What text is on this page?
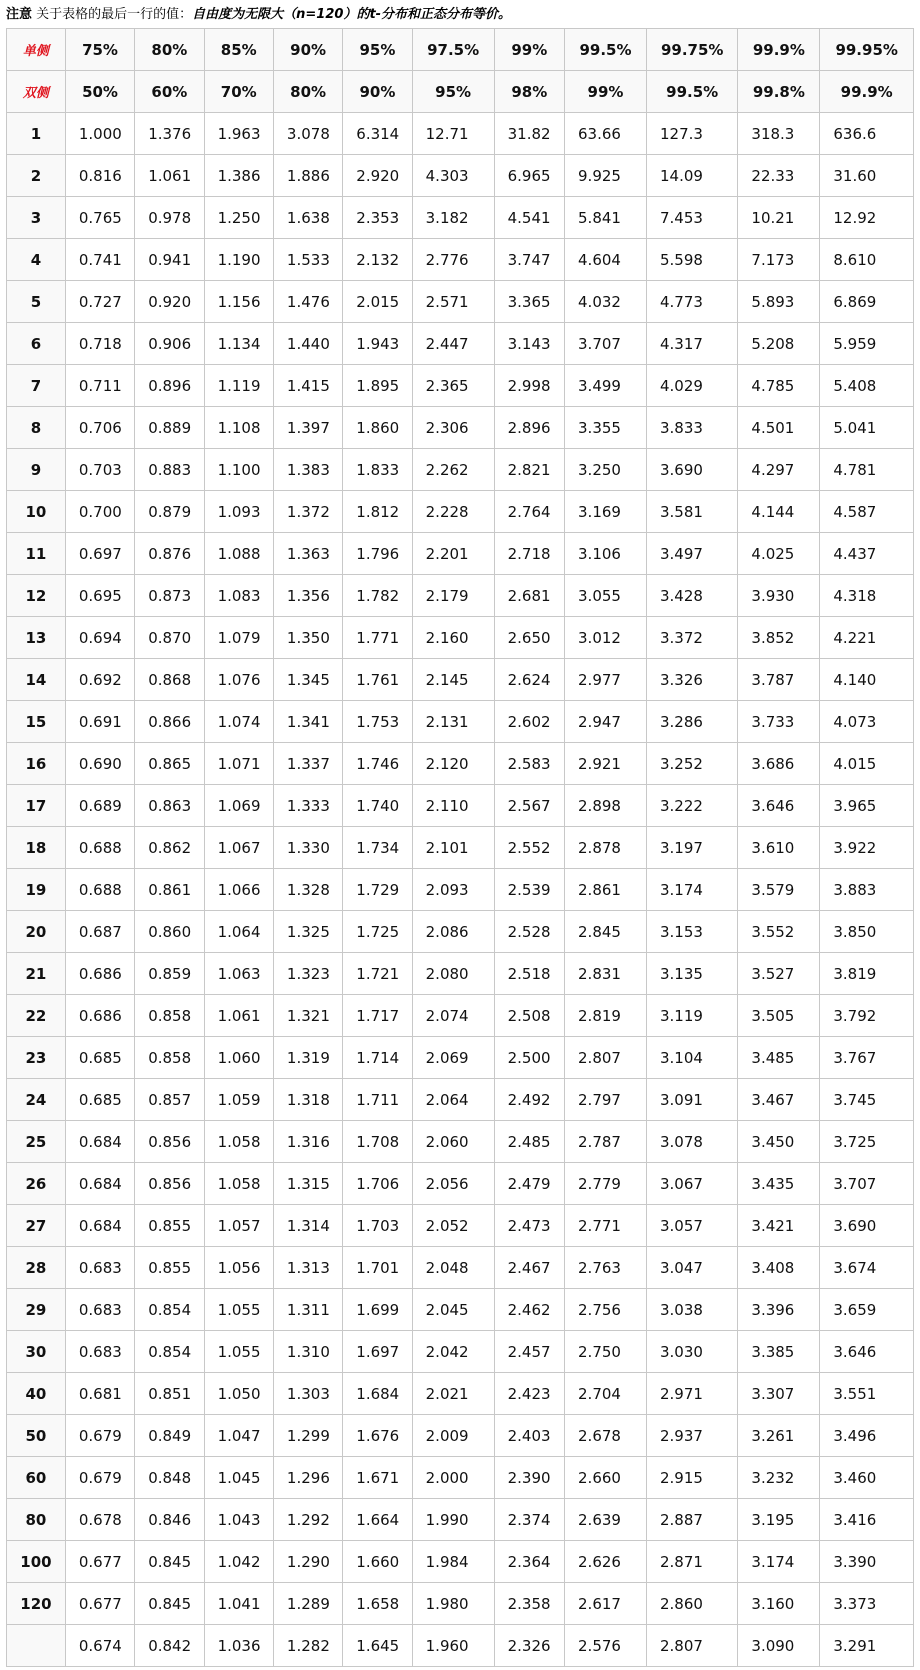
注意 关于表格的最后一行的值：自由度为无限大（n=120）的t-分布和正态分布等价。
单侧	75%	80%	85%	90%	95%	97.5%	99%	99.5%	99.75%	99.9%	99.95%
双侧	50%	60%	70%	80%	90%	95%	98%	99%	99.5%	99.8%	99.9%
1	1.000	1.376	1.963	3.078	6.314	12.71	31.82	63.66	127.3	318.3	636.6
2	0.816	1.061	1.386	1.886	2.920	4.303	6.965	9.925	14.09	22.33	31.60
3	0.765	0.978	1.250	1.638	2.353	3.182	4.541	5.841	7.453	10.21	12.92
4	0.741	0.941	1.190	1.533	2.132	2.776	3.747	4.604	5.598	7.173	8.610
5	0.727	0.920	1.156	1.476	2.015	2.571	3.365	4.032	4.773	5.893	6.869
6	0.718	0.906	1.134	1.440	1.943	2.447	3.143	3.707	4.317	5.208	5.959
7	0.711	0.896	1.119	1.415	1.895	2.365	2.998	3.499	4.029	4.785	5.408
8	0.706	0.889	1.108	1.397	1.860	2.306	2.896	3.355	3.833	4.501	5.041
9	0.703	0.883	1.100	1.383	1.833	2.262	2.821	3.250	3.690	4.297	4.781
10	0.700	0.879	1.093	1.372	1.812	2.228	2.764	3.169	3.581	4.144	4.587
11	0.697	0.876	1.088	1.363	1.796	2.201	2.718	3.106	3.497	4.025	4.437
12	0.695	0.873	1.083	1.356	1.782	2.179	2.681	3.055	3.428	3.930	4.318
13	0.694	0.870	1.079	1.350	1.771	2.160	2.650	3.012	3.372	3.852	4.221
14	0.692	0.868	1.076	1.345	1.761	2.145	2.624	2.977	3.326	3.787	4.140
15	0.691	0.866	1.074	1.341	1.753	2.131	2.602	2.947	3.286	3.733	4.073
16	0.690	0.865	1.071	1.337	1.746	2.120	2.583	2.921	3.252	3.686	4.015
17	0.689	0.863	1.069	1.333	1.740	2.110	2.567	2.898	3.222	3.646	3.965
18	0.688	0.862	1.067	1.330	1.734	2.101	2.552	2.878	3.197	3.610	3.922
19	0.688	0.861	1.066	1.328	1.729	2.093	2.539	2.861	3.174	3.579	3.883
20	0.687	0.860	1.064	1.325	1.725	2.086	2.528	2.845	3.153	3.552	3.850
21	0.686	0.859	1.063	1.323	1.721	2.080	2.518	2.831	3.135	3.527	3.819
22	0.686	0.858	1.061	1.321	1.717	2.074	2.508	2.819	3.119	3.505	3.792
23	0.685	0.858	1.060	1.319	1.714	2.069	2.500	2.807	3.104	3.485	3.767
24	0.685	0.857	1.059	1.318	1.711	2.064	2.492	2.797	3.091	3.467	3.745
25	0.684	0.856	1.058	1.316	1.708	2.060	2.485	2.787	3.078	3.450	3.725
26	0.684	0.856	1.058	1.315	1.706	2.056	2.479	2.779	3.067	3.435	3.707
27	0.684	0.855	1.057	1.314	1.703	2.052	2.473	2.771	3.057	3.421	3.690
28	0.683	0.855	1.056	1.313	1.701	2.048	2.467	2.763	3.047	3.408	3.674
29	0.683	0.854	1.055	1.311	1.699	2.045	2.462	2.756	3.038	3.396	3.659
30	0.683	0.854	1.055	1.310	1.697	2.042	2.457	2.750	3.030	3.385	3.646
40	0.681	0.851	1.050	1.303	1.684	2.021	2.423	2.704	2.971	3.307	3.551
50	0.679	0.849	1.047	1.299	1.676	2.009	2.403	2.678	2.937	3.261	3.496
60	0.679	0.848	1.045	1.296	1.671	2.000	2.390	2.660	2.915	3.232	3.460
80	0.678	0.846	1.043	1.292	1.664	1.990	2.374	2.639	2.887	3.195	3.416
100	0.677	0.845	1.042	1.290	1.660	1.984	2.364	2.626	2.871	3.174	3.390
120	0.677	0.845	1.041	1.289	1.658	1.980	2.358	2.617	2.860	3.160	3.373
	0.674	0.842	1.036	1.282	1.645	1.960	2.326	2.576	2.807	3.090	3.291
